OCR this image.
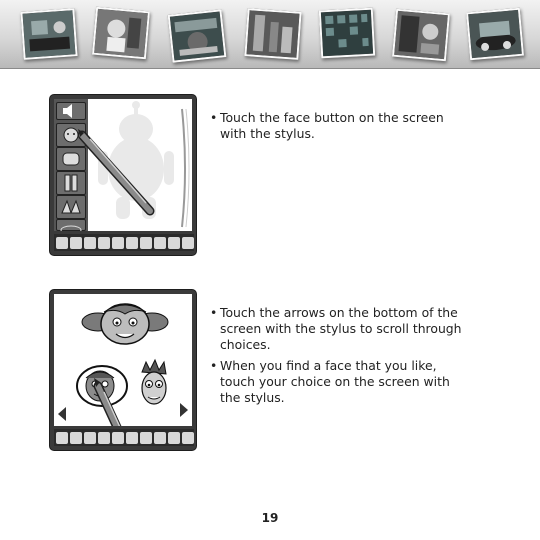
• Touch the face button on the screen with the stylus.
• Touch the arrows on the bottom of the screen with the stylus to scroll through choices.
• When you find a face that you like, touch your choice on the screen with the stylus.
19
